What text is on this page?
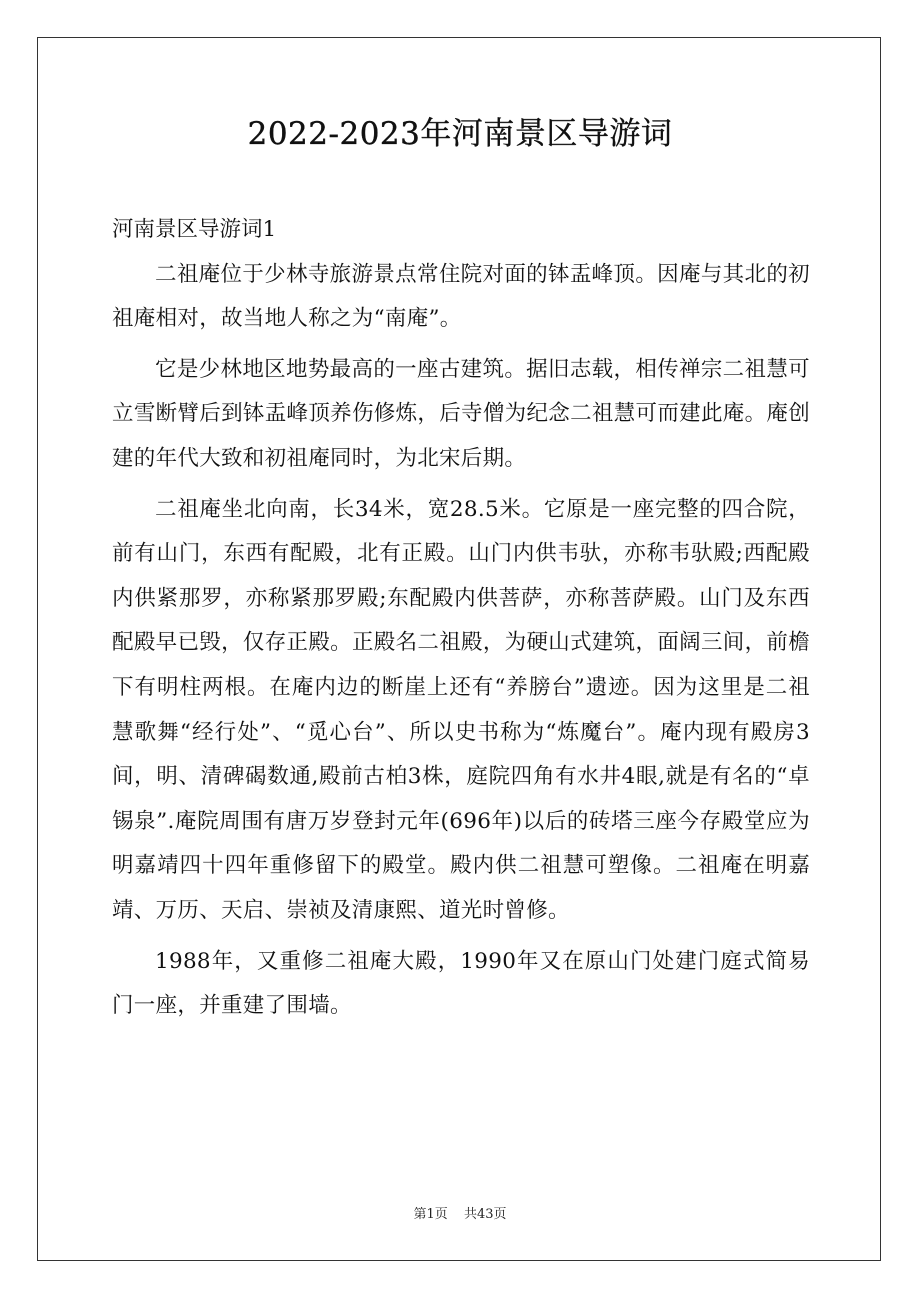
2022-2023年河南景区导游词
河南景区导游词1

二祖庵位于少林寺旅游景点常住院对面的钵盂峰顶。因庵与其北的初祖庵相对，故当地人称之为“南庵”。

它是少林地区地势最高的一座古建筑。据旧志载，相传禅宗二祖慧可立雪断臂后到钵盂峰顶养伤修炼，后寺僧为纪念二祖慧可而建此庵。庵创建的年代大致和初祖庵同时，为北宋后期。

二祖庵坐北向南，长34米，宽28.5米。它原是一座完整的四合院，前有山门，东西有配殿，北有正殿。山门内供韦驮，亦称韦驮殿;西配殿内供紧那罗，亦称紧那罗殿;东配殿内供菩萨，亦称菩萨殿。山门及东西配殿早已毁，仅存正殿。正殿名二祖殿，为硬山式建筑，面阔三间，前檐下有明柱两根。在庵内边的断崖上还有“养膀台”遗迹。因为这里是二祖慧歌舞“经行处”、“觅心台”、所以史书称为“炼魔台”。庵内现有殿房3间，明、清碑碣数通,殿前古柏3株，庭院四角有水井4眼,就是有名的“卓 锡泉”.庵院周围有唐万岁登封元年(696年)以后的砖塔三座今存殿堂应为明嘉靖四十四年重修留下的殿堂。殿内供二祖慧可塑像。二祖庵在明嘉靖、万历、天启、崇祯及清康熙、道光时曾修。

1988年，又重修二祖庵大殿，1990年又在原山门处建门庭式简易门一座，并重建了围墙。

第1页 共43页
